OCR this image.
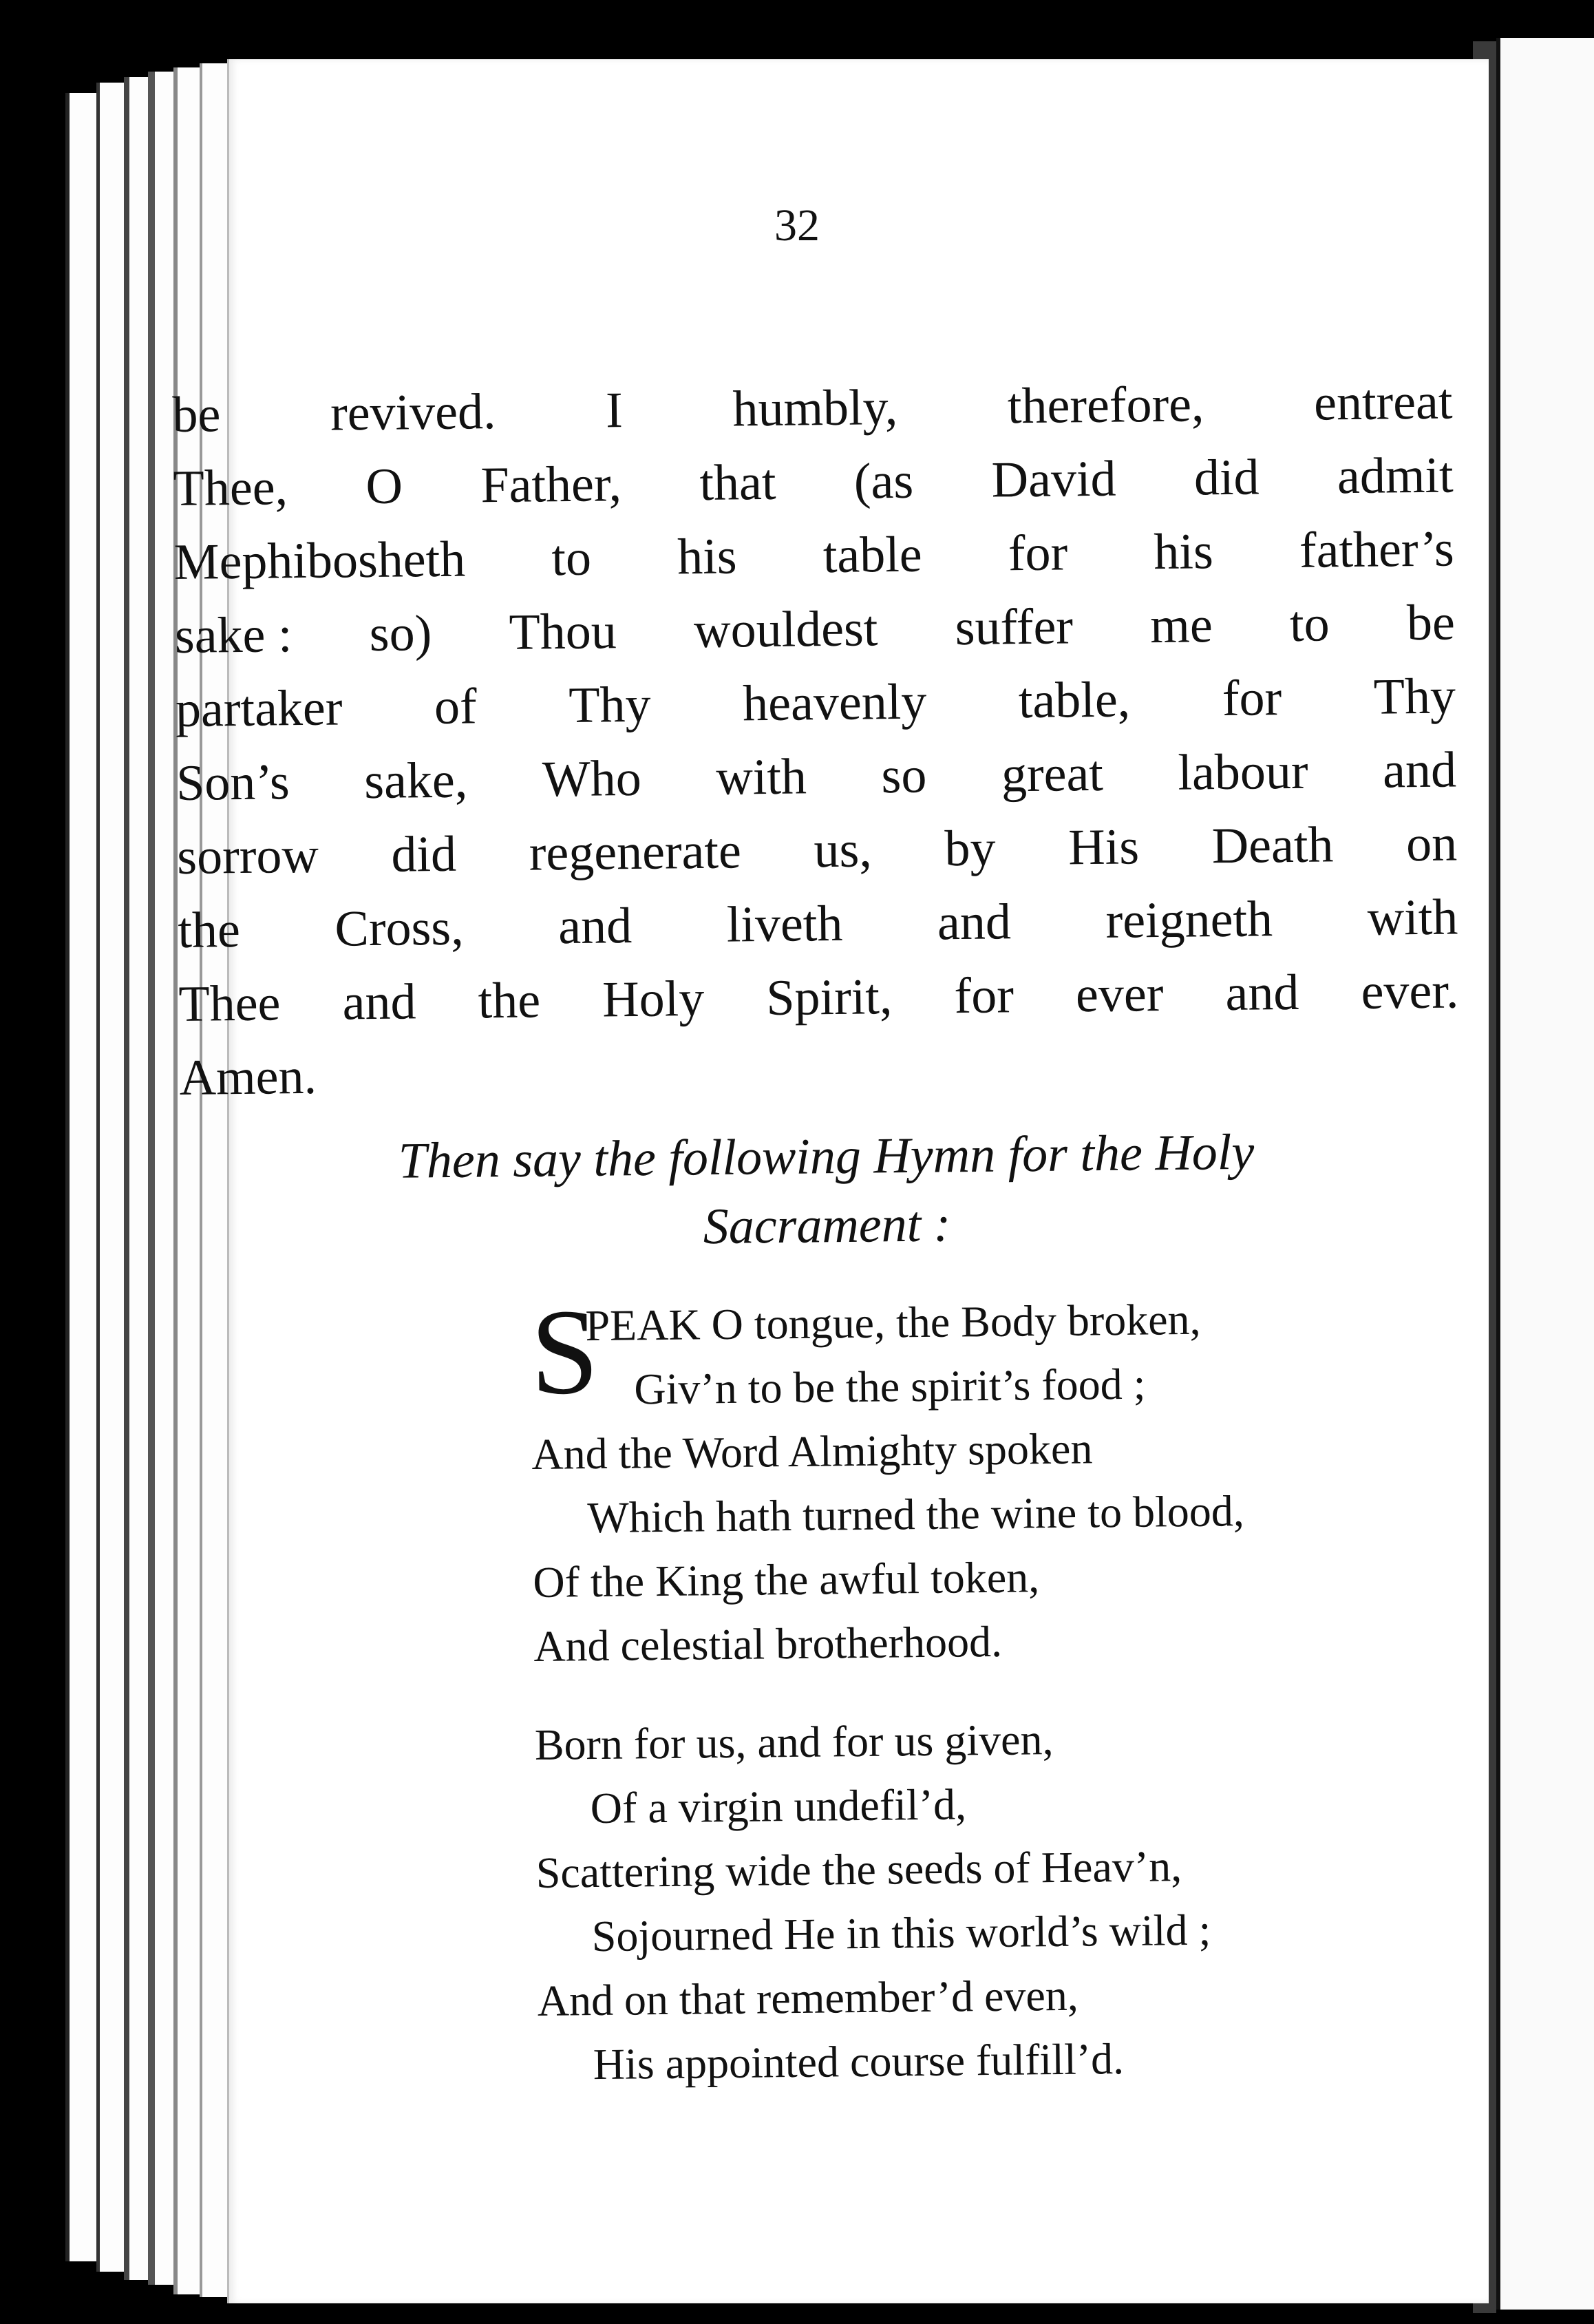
32
be revived. I humbly, therefore, entreat
Thee, O Father, that (as David did admit
Mephibosheth to his table for his father’s
sake : so) Thou wouldest suffer me to be
partaker of Thy heavenly table, for Thy
Son’s sake, Who with so great labour and
sorrow did regenerate us, by His Death on
the Cross, and liveth and reigneth with
Thee and the Holy Spirit, for ever and ever.
Amen.
Then say the following Hymn for the Holy
Sacrament :
S
PEAK O tongue, the Body broken,
Giv’n to be the spirit’s food ;
And the Word Almighty spoken
Which hath turned the wine to blood,
Of the King the awful token,
And celestial brotherhood.
Born for us, and for us given,
Of a virgin undefil’d,
Scattering wide the seeds of Heav’n,
Sojourned He in this world’s wild ;
And on that remember’d even,
His appointed course fulfill’d.
